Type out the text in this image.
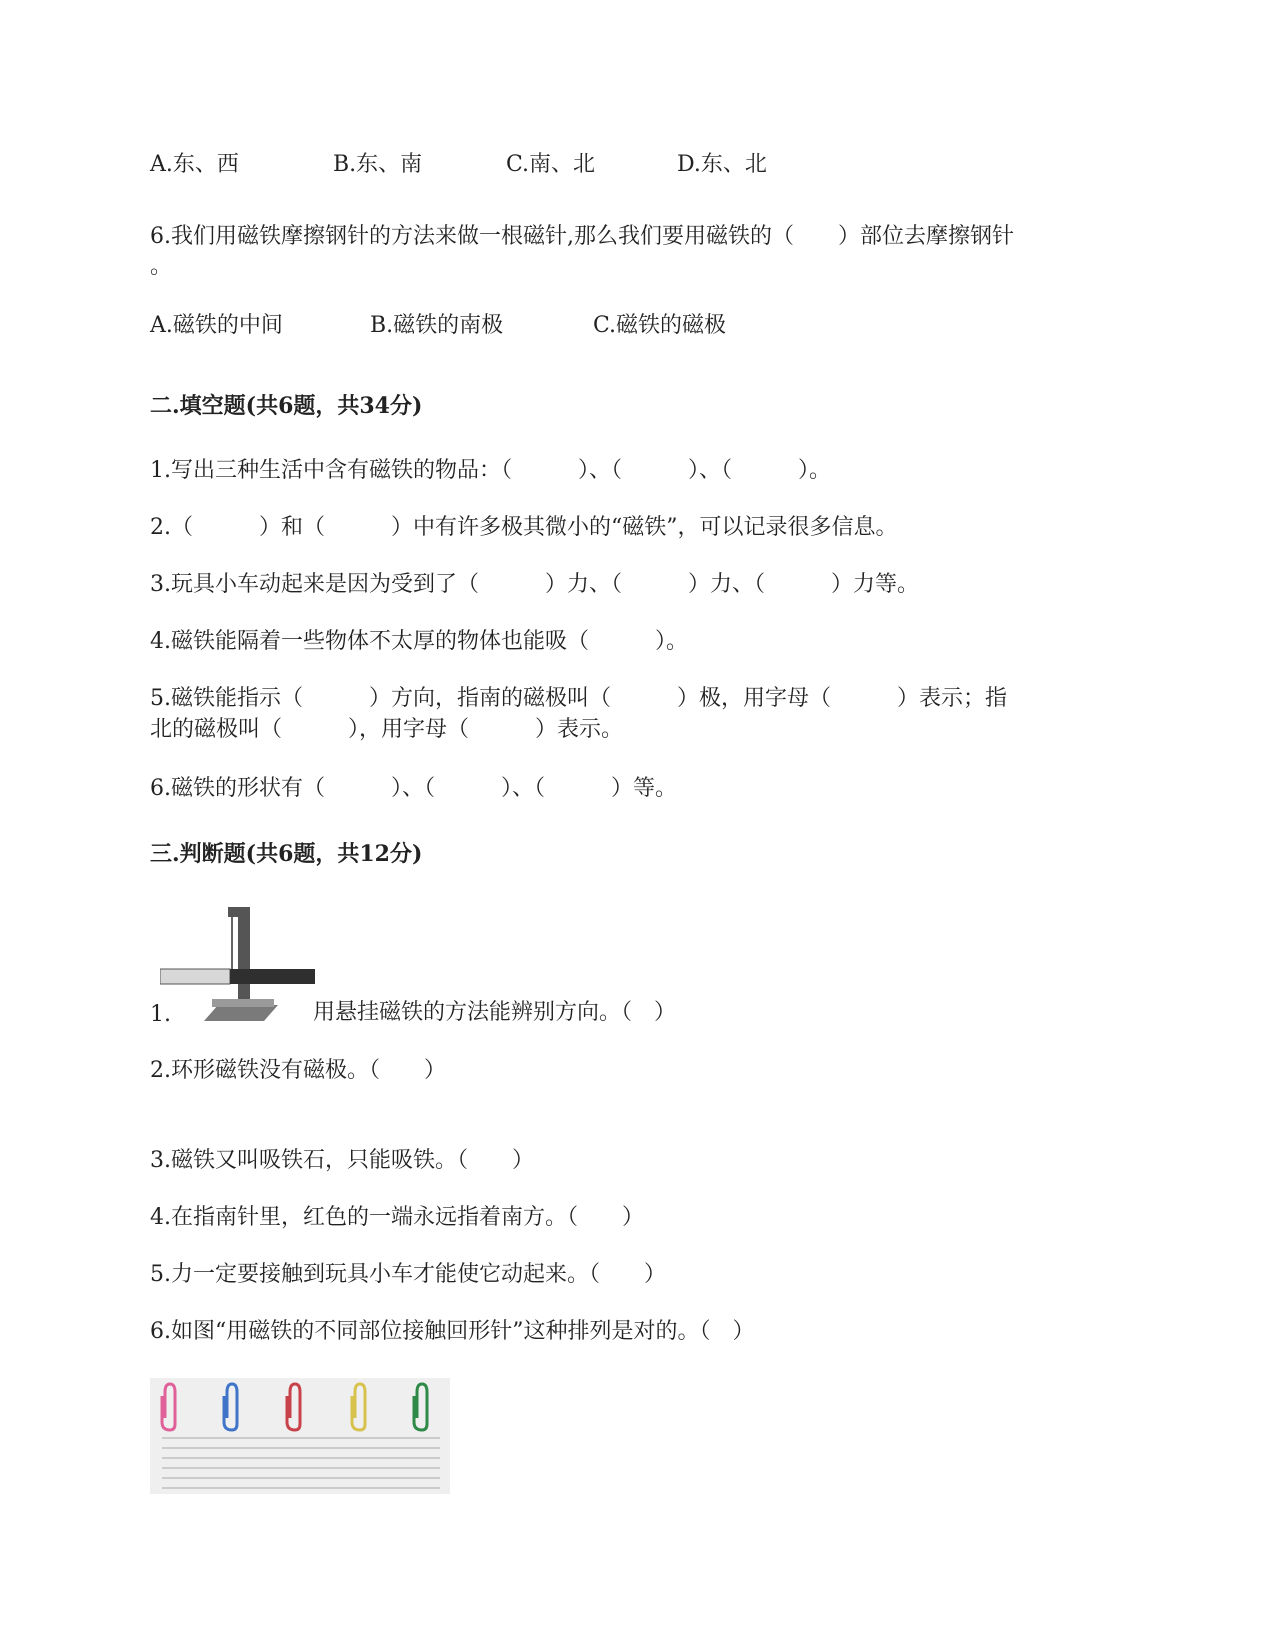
A.东、西	B.东、南	C.南、北	D.东、北
6.我们用磁铁摩擦钢针的方法来做一根磁针,那么我们要用磁铁的（　　）部位去摩擦钢针
。
A.磁铁的中间	B.磁铁的南极	C.磁铁的磁极
二.填空题(共6题，共34分)
1.写出三种生活中含有磁铁的物品：（　　　）、（　　　）、（　　　）。
2.（　　　）和（　　　）中有许多极其微小的“磁铁”，可以记录很多信息。
3.玩具小车动起来是因为受到了（　　　）力、（　　　）力、（　　　）力等。
4.磁铁能隔着一些物体不太厚的物体也能吸（　　　）。
5.磁铁能指示（　　　）方向，指南的磁极叫（　　　）极，用字母（　　　）表示；指
北的磁极叫（　　　），用字母（　　　）表示。
6.磁铁的形状有（　　　）、（　　　）、（　　　）等。
三.判断题(共6题，共12分)
1.	用悬挂磁铁的方法能辨别方向。（　）
2.环形磁铁没有磁极。（　　）
3.磁铁又叫吸铁石，只能吸铁。（　　）
4.在指南针里，红色的一端永远指着南方。（　　）
5.力一定要接触到玩具小车才能使它动起来。（　　）
6.如图“用磁铁的不同部位接触回形针”这种排列是对的。（　）
